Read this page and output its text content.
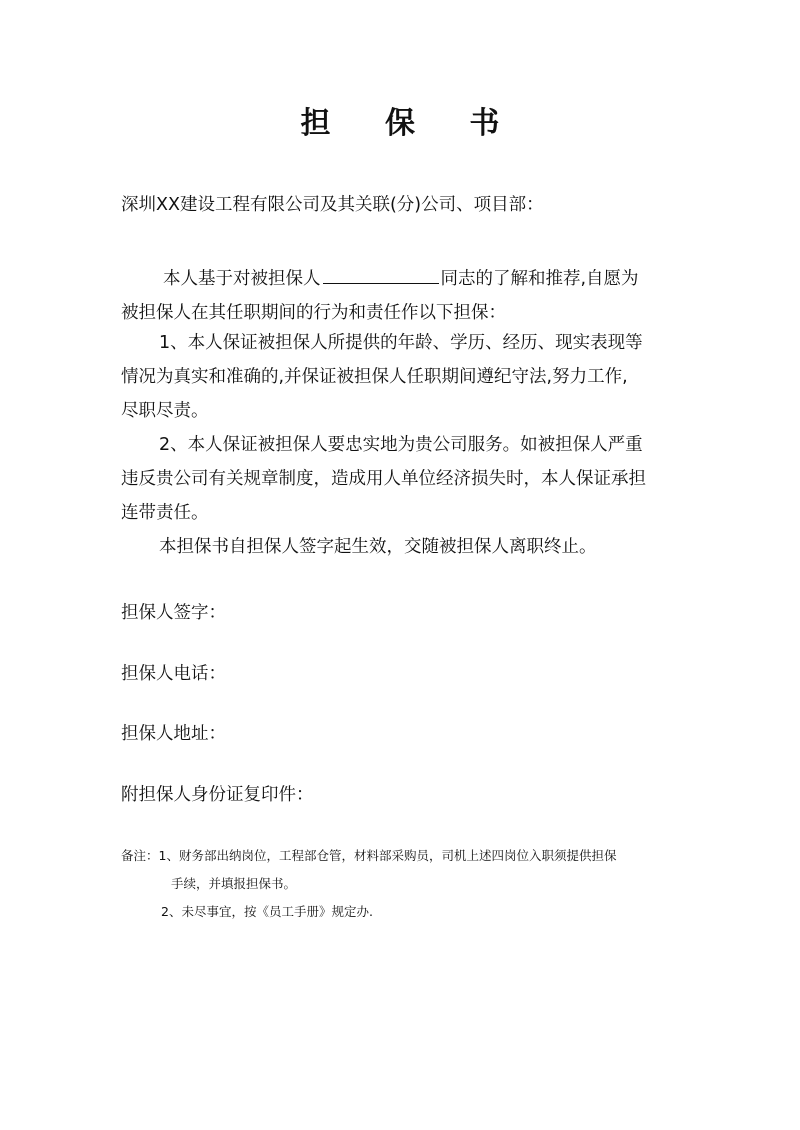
担 保 书
深圳XX建设工程有限公司及其关联(分)公司、项目部：
本人基于对被担保人	同志的了解和推荐,自愿为
被担保人在其任职期间的行为和责任作以下担保：
1、本人保证被担保人所提供的年龄、学历、经历、现实表现等
情况为真实和准确的,并保证被担保人任职期间遵纪守法,努力工作,
尽职尽责。
2、本人保证被担保人要忠实地为贵公司服务。如被担保人严重
违反贵公司有关规章制度，造成用人单位经济损失时，本人保证承担
连带责任。
本担保书自担保人签字起生效，交随被担保人离职终止。
担保人签字：
担保人电话：
担保人地址：
附担保人身份证复印件：
备注：1、财务部出纳岗位，工程部仓管，材料部采购员，司机上述四岗位入职须提供担保
手续，并填报担保书。
2、未尽事宜，按《员工手册》规定办.
